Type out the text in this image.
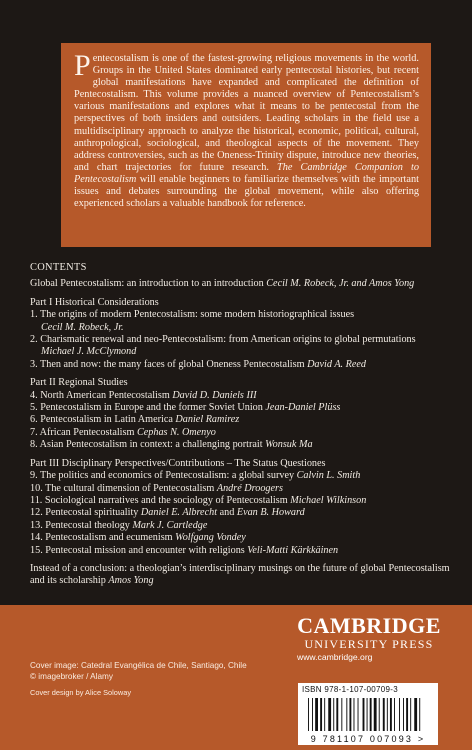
Pentecostalism is one of the fastest-growing religious movements in the world. Groups in the United States dominated early pentecostal histories, but recent global manifestations have expanded and complicated the definition of Pentecostalism. This volume provides a nuanced overview of Pentecostalism’s various manifestations and explores what it means to be pentecostal from the perspectives of both insiders and outsiders. Leading scholars in the field use a multidisciplinary approach to analyze the historical, economic, political, cultural, anthropological, sociological, and theological aspects of the movement. They address controversies, such as the Oneness-Trinity dispute, introduce new theories, and chart trajectories for future research. The Cambridge Companion to Pentecostalism will enable beginners to familiarize themselves with the important issues and debates surrounding the global movement, while also offering experienced scholars a valuable handbook for reference.

CONTENTS

Global Pentecostalism: an introduction to an introduction Cecil M. Robeck, Jr. and Amos Yong

Part I Historical Considerations

1. The origins of modern Pentecostalism: some modern historiographical issues

Cecil M. Robeck, Jr.

2. Charismatic renewal and neo-Pentecostalism: from American origins to global permutations

Michael J. McClymond

3. Then and now: the many faces of global Oneness Pentecostalism David A. Reed

Part II Regional Studies

4. North American Pentecostalism David D. Daniels III

5. Pentecostalism in Europe and the former Soviet Union Jean-Daniel Plüss

6. Pentecostalism in Latin America Daniel Ramirez

7. African Pentecostalism Cephas N. Omenyo

8. Asian Pentecostalism in context: a challenging portrait Wonsuk Ma

Part III Disciplinary Perspectives/Contributions – The Status Questiones

9. The politics and economics of Pentecostalism: a global survey Calvin L. Smith

10. The cultural dimension of Pentecostalism André Droogers

11. Sociological narratives and the sociology of Pentecostalism Michael Wilkinson

12. Pentecostal spirituality Daniel E. Albrecht and Evan B. Howard

13. Pentecostal theology Mark J. Cartledge

14. Pentecostalism and ecumenism Wolfgang Vondey

15. Pentecostal mission and encounter with religions Veli-Matti Kärkkäinen

Instead of a conclusion: a theologian’s interdisciplinary musings on the future of global Pentecostalism and its scholarship Amos Yong

CAMBRIDGE
UNIVERSITY PRESS
www.cambridge.org
Cover image: Catedral Evangélica de Chile, Santiago, Chile
© imagebroker / Alamy
Cover design by Alice Soloway	ISBN 978-1-107-00709-3
9 781107 007093 >
